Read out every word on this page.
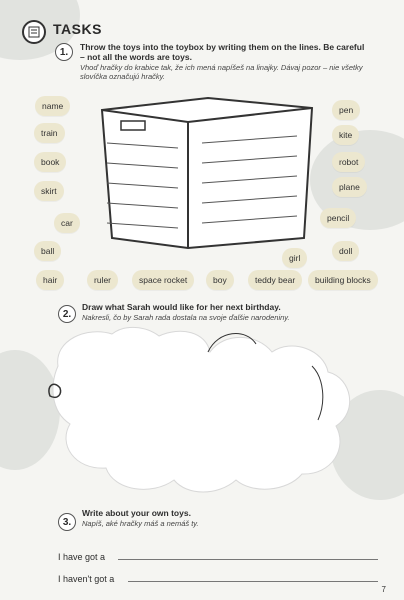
TASKS
1.	Throw the toys into the toybox by writing them on the lines. Be careful – not all the words are toys.
Vhoď hračky do krabice tak, že ich mená napíšeš na linajky. Dávaj pozor – nie všetky slovíčka označujú hračky.
name
train
book
skirt
car
ball
hair	ruler	space rocket	boy	teddy bear	building blocks
pen
kite
robot
plane
pencil
doll
girl
2.
Draw what Sarah would like for her next birthday.
Nakresli, čo by Sarah rada dostala na svoje ďalšie narodeniny.
3.
Write about your own toys.
Napíš, aké hračky máš a nemáš ty.
I have got a
I haven't got a
7
